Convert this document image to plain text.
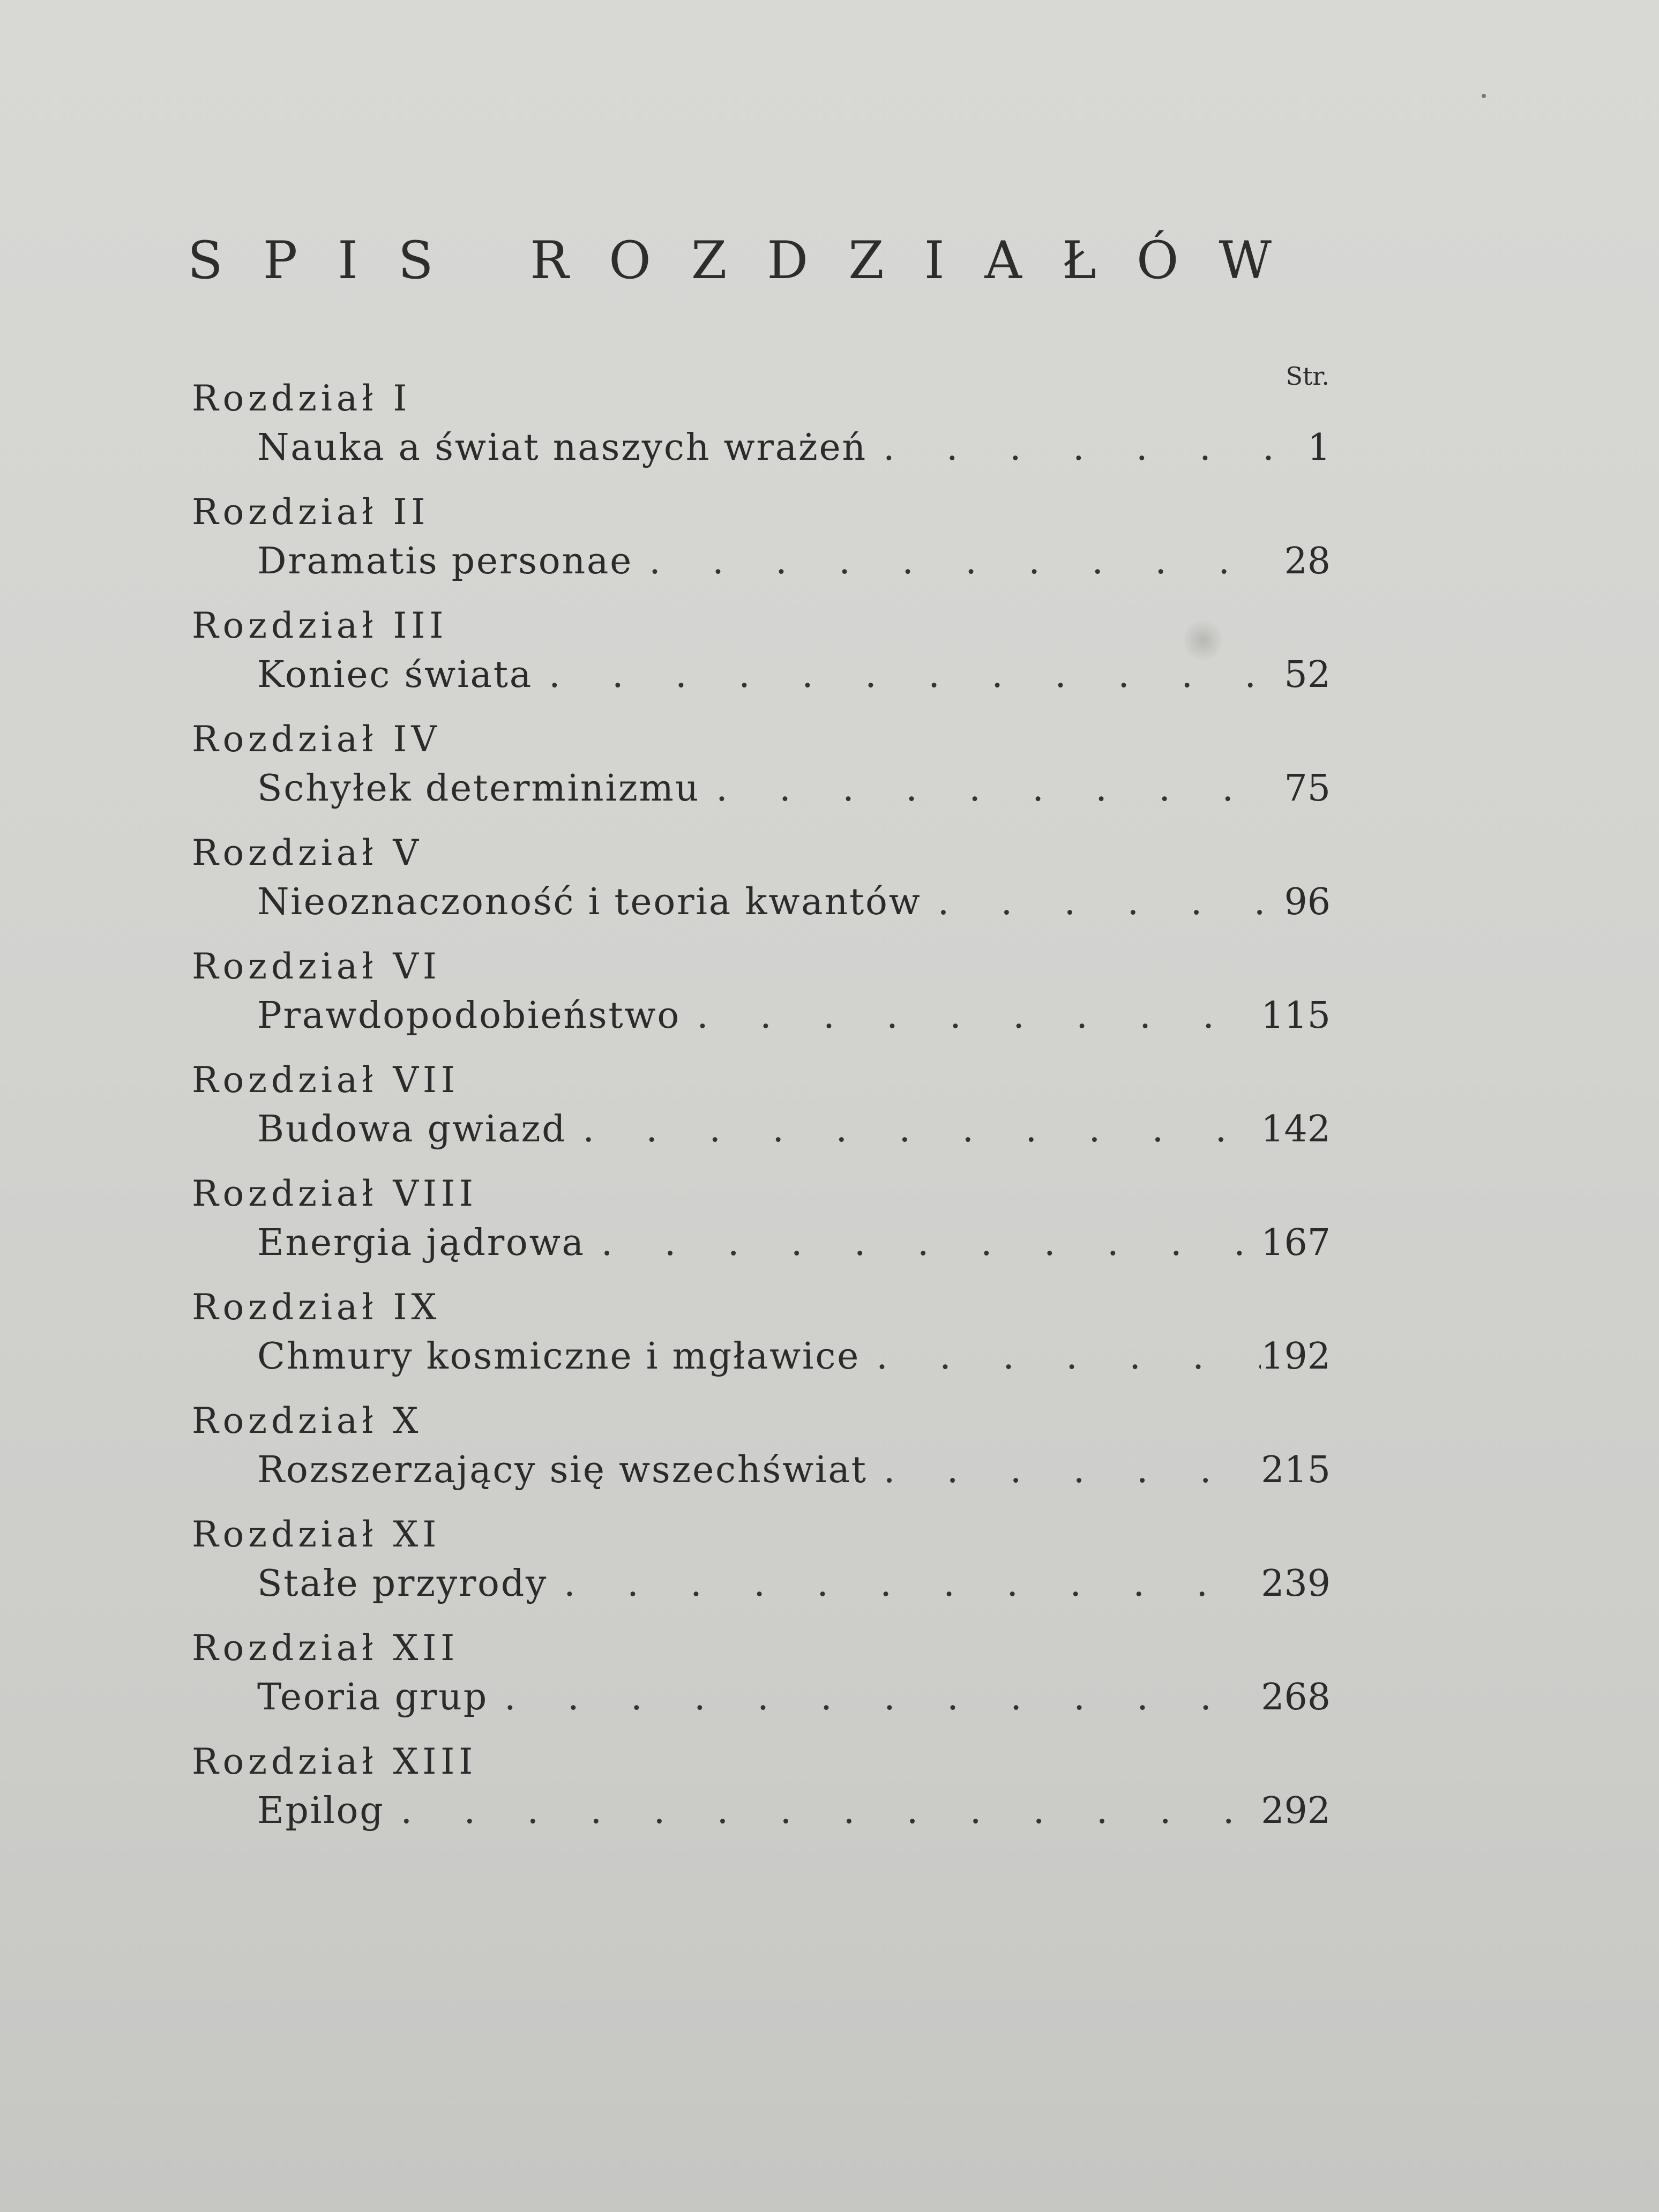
SPIS ROZDZIAŁÓW
Str.
Rozdział I
Nauka a świat naszych wrażeń . . .	1
Rozdział II
Dramatis personae . . .	28
Rozdział III
Koniec świata . . .	52
Rozdział IV
Schyłek determinizmu . . .	75
Rozdział V
Nieoznaczoność i teoria kwantów . . .	96
Rozdział VI
Prawdopodobieństwo . . .	115
Rozdział VII
Budowa gwiazd . . .	142
Rozdział VIII
Energia jądrowa . . .	167
Rozdział IX
Chmury kosmiczne i mgławice . . .	192
Rozdział X
Rozszerzający się wszechświat . . .	215
Rozdział XI
Stałe przyrody . . .	239
Rozdział XII
Teoria grup . . .	268
Rozdział XIII
Epilog . . .	292
